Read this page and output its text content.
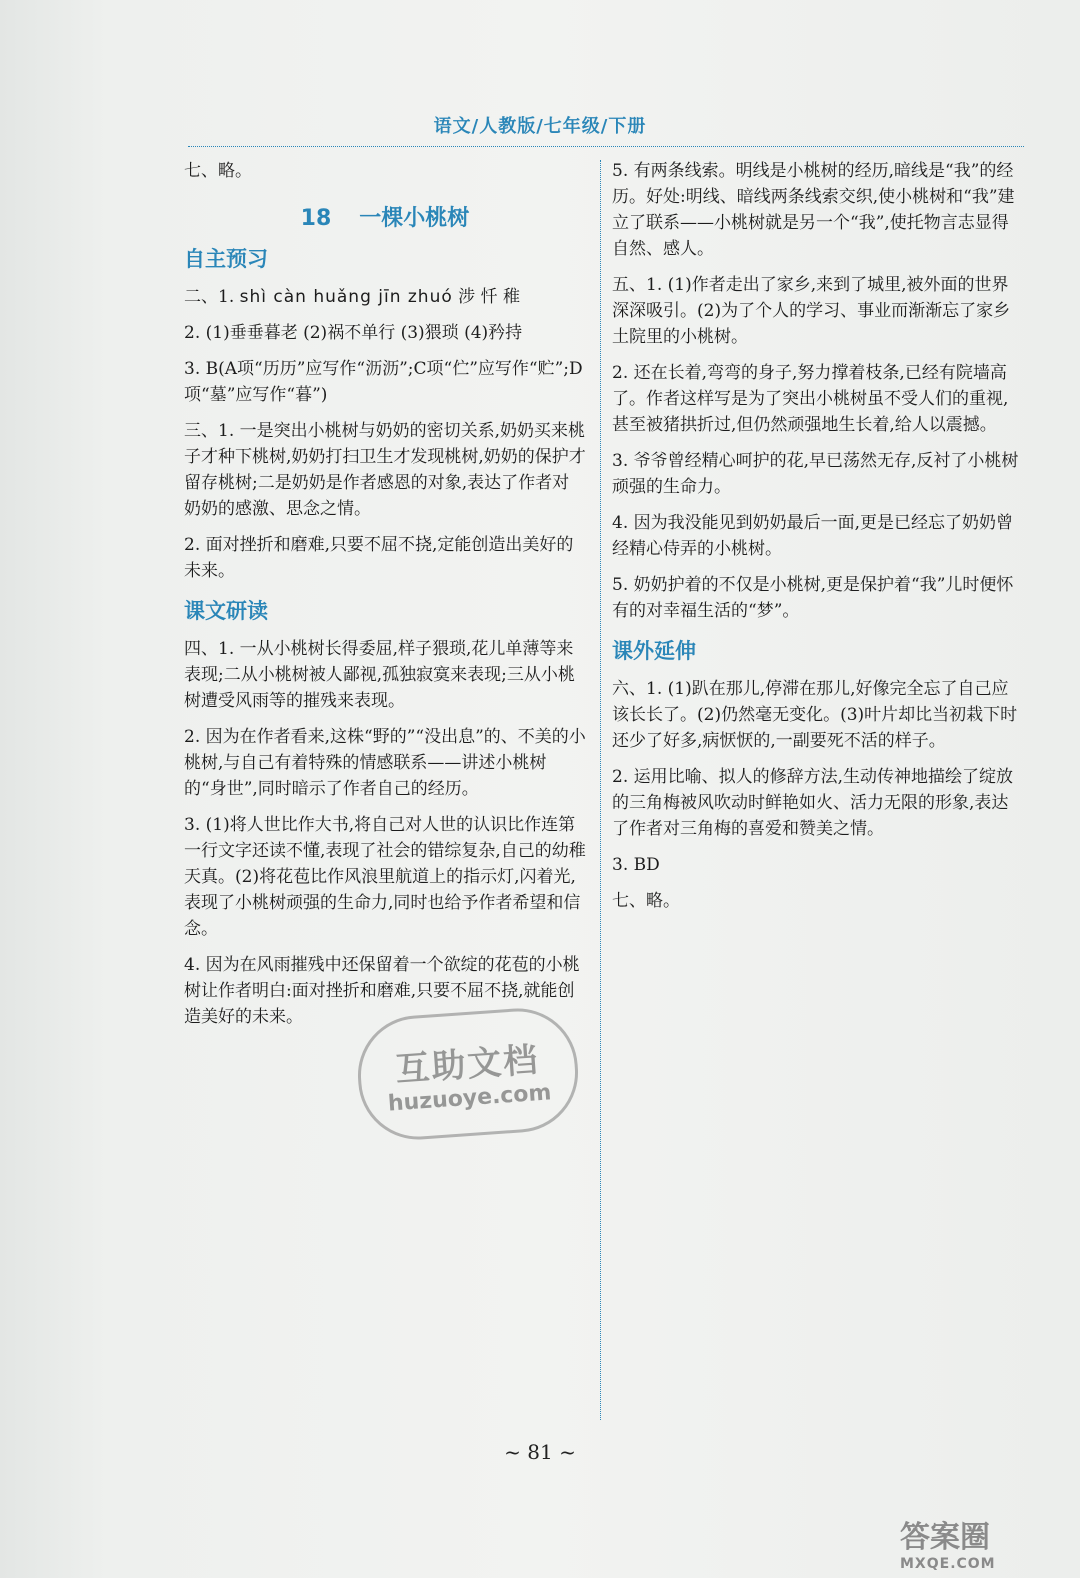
语文/人教版/七年级/下册

七、略。

18 一棵小桃树
自主预习

二、1. shì càn huǎng jīn zhuó 涉 忏 稚

2. (1)垂垂暮老 (2)祸不单行 (3)猥琐 (4)矜持

3. B(A项“历历”应写作“沥沥”;C项“伫”应写作“贮”;D项“墓”应写作“暮”)

三、1. 一是突出小桃树与奶奶的密切关系,奶奶买来桃子才种下桃树,奶奶打扫卫生才发现桃树,奶奶的保护才留存桃树;二是奶奶是作者感恩的对象,表达了作者对奶奶的感激、思念之情。

2. 面对挫折和磨难,只要不屈不挠,定能创造出美好的未来。

课文研读

四、1. 一从小桃树长得委屈,样子猥琐,花儿单薄等来表现;二从小桃树被人鄙视,孤独寂寞来表现;三从小桃树遭受风雨等的摧残来表现。

2. 因为在作者看来,这株“野的”“没出息”的、不美的小桃树,与自己有着特殊的情感联系——讲述小桃树的“身世”,同时暗示了作者自己的经历。

3. (1)将人世比作大书,将自己对人世的认识比作连第一行文字还读不懂,表现了社会的错综复杂,自己的幼稚天真。(2)将花苞比作风浪里航道上的指示灯,闪着光,表现了小桃树顽强的生命力,同时也给予作者希望和信念。

4. 因为在风雨摧残中还保留着一个欲绽的花苞的小桃树让作者明白:面对挫折和磨难,只要不屈不挠,就能创造美好的未来。

5. 有两条线索。明线是小桃树的经历,暗线是“我”的经历。好处:明线、暗线两条线索交织,使小桃树和“我”建立了联系——小桃树就是另一个“我”,使托物言志显得自然、感人。

五、1. (1)作者走出了家乡,来到了城里,被外面的世界深深吸引。(2)为了个人的学习、事业而渐渐忘了家乡土院里的小桃树。

2. 还在长着,弯弯的身子,努力撑着枝条,已经有院墙高了。作者这样写是为了突出小桃树虽不受人们的重视,甚至被猪拱折过,但仍然顽强地生长着,给人以震撼。

3. 爷爷曾经精心呵护的花,早已荡然无存,反衬了小桃树顽强的生命力。

4. 因为我没能见到奶奶最后一面,更是已经忘了奶奶曾经精心侍弄的小桃树。

5. 奶奶护着的不仅是小桃树,更是保护着“我”儿时便怀有的对幸福生活的“梦”。

课外延伸

六、1. (1)趴在那儿,停滞在那儿,好像完全忘了自己应该长长了。(2)仍然毫无变化。(3)叶片却比当初栽下时还少了好多,病恹恹的,一副要死不活的样子。

2. 运用比喻、拟人的修辞方法,生动传神地描绘了绽放的三角梅被风吹动时鲜艳如火、活力无限的形象,表达了作者对三角梅的喜爱和赞美之情。

3. BD

七、略。

互助文档
huzuoye.com
~ 81 ~
答案圈
MXQE.COM
